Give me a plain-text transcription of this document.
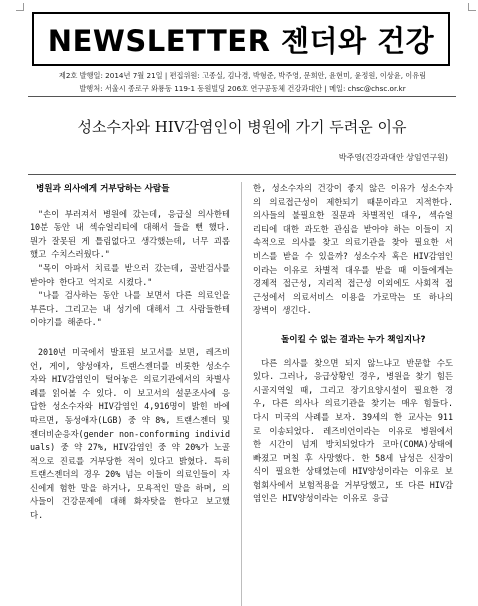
NEWSLETTER 젠더와 건강
제2호 발행일: 2014년 7월 21일 | 편집위원: 고종실, 김나경, 박형준, 박주영, 문희안, 윤현미, 윤정원, 이상윤, 이유림
발행처: 서울시 종로구 와룡동 119-1 동원빌딩 206호 연구공동체 건강과대안 | 메일: chsc@chsc.or.kr
성소수자와 HIV감염인이 병원에 가기 두려운 이유
박주영(건강과대안 상임연구원)
병원과 의사에게 거부당하는 사람들

"손이 부러져서 병원에 갔는데, 응급실 의사한테 10분 동안 내 섹슈얼리티에 대해서 들을 뻔 했다. 뭔가 잘못된 게 틀림없다고 생각했는데, 너무 괴롭했고 수치스러웠다."

"목이 아파서 치료를 받으러 갔는데, 골반검사를 받아야 한다고 억지로 시켰다."

"나를 검사하는 동안 나를 보면서 다른 의료인을 부른다. 그리고는 내 성기에 대해서 그 사람들한테 이야기를 해준다."

2010년 미국에서 발표된 보고서를 보면, 레즈비언, 게이, 양성애자, 트랜스젠더를 비롯한 성소수자와 HIV감염인이 털어놓은 의료기관에서의 차별사례를 읽어볼 수 있다. 이 보고서의 설문조사에 응답한 성소수자와 HIV감염인 4,916명이 밝힌 바에 따르면, 동성애자(LGB) 중 약 8%, 트랜스젠더 및 젠더비순응자(gender non-conforming individuals) 중 약 27%, HIV감염인 중 약 20%가 노골적으로 진료를 거부당한 적이 있다고 밝혔다. 특히 트랜스젠더의 경우 20% 넘는 이들이 의료인들이 자신에게 험한 말을 하거나, 모욕적인 말을 하며, 의사들이 건강문제에 대해 화자탓을 한다고 보고했다.

한, 성소수자의 건강이 좋지 않은 이유가 성소수자의 의료접근성이 제한되기 때문이라고 지적한다. 의사들의 불필요한 질문과 차별적인 대우, 섹슈얼리티에 대한 과도한 관심을 받아야 하는 이들이 지속적으로 의사를 찾고 의료기관을 찾아 필요한 서비스를 받을 수 있을까? 성소수자 혹은 HIV감염인이라는 이유로 차별적 대우를 받을 때 이들에게는 경제적 접근성, 지리적 접근성 이외에도 사회적 접근성에서 의료서비스 이용을 가로막는 또 하나의 장벽이 생긴다.

돌이킬 수 없는 결과는 누가 책임지나?

다른 의사를 찾으면 되지 않느냐고 반문할 수도 있다. 그러나, 응급상황인 경우, 병원을 찾기 힘든 시골지역일 때, 그리고 장기요양시설이 필요한 경우, 다른 의사나 의료기관을 찾기는 매우 힘들다. 다시 미국의 사례를 보자. 39세의 한 교사는 911로 이송되었다. 레즈비언이라는 이유로 병원에서 한 시간이 넘게 방치되었다가 코마(COMA)상태에 빠졌고 며칠 후 사망했다. 한 58세 남성은 신장이식이 필요한 상태였는데 HIV양성이라는 이유로 보험회사에서 보험적용을 거부당했고, 또 다른 HIV감염인은 HIV양성이라는 이유로 응급
